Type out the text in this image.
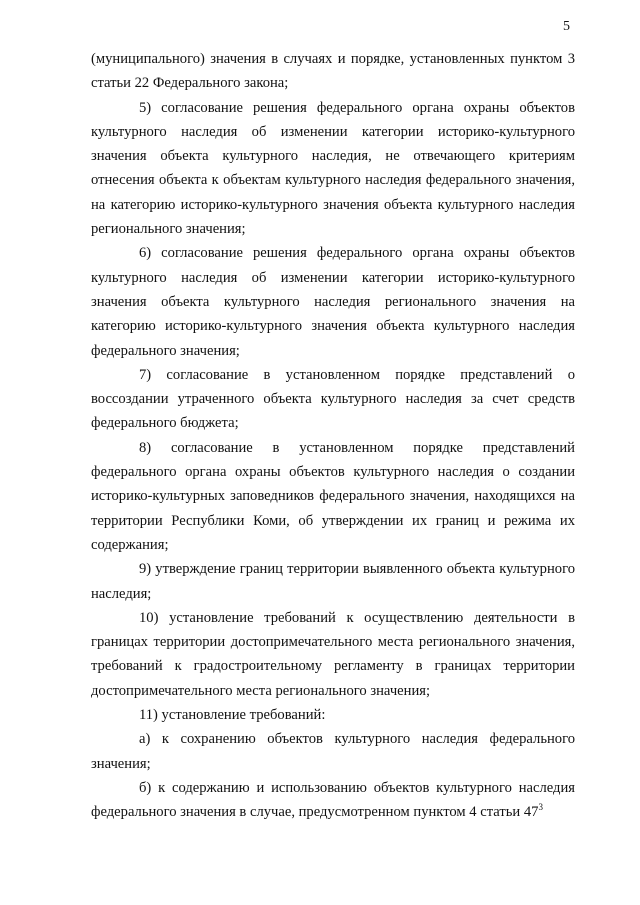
5

(муниципального) значения в случаях и порядке, установленных пунктом 3 статьи 22 Федерального закона;

5) согласование решения федерального органа охраны объектов культурного наследия об изменении категории историко-культурного значения объекта культурного наследия, не отвечающего критериям отнесения объекта к объектам культурного наследия федерального значения, на категорию историко-культурного значения объекта культурного наследия регионального значения;

6) согласование решения федерального органа охраны объектов культурного наследия об изменении категории историко-культурного значения объекта культурного наследия регионального значения на категорию историко-культурного значения объекта культурного наследия федерального значения;

7) согласование в установленном порядке представлений о воссоздании утраченного объекта культурного наследия за счет средств федерального бюджета;

8) согласование в установленном порядке представлений федерального органа охраны объектов культурного наследия о создании историко-культурных заповедников федерального значения, находящихся на территории Республики Коми, об утверждении их границ и режима их содержания;

9) утверждение границ территории выявленного объекта культурного наследия;

10) установление требований к осуществлению деятельности в границах территории достопримечательного места регионального значения, требований к градостроительному регламенту в границах территории достопримечательного места регионального значения;

11) установление требований:

а) к сохранению объектов культурного наследия федерального значения;

б) к содержанию и использованию объектов культурного наследия федерального значения в случае, предусмотренном пунктом 4 статьи $47^3$
